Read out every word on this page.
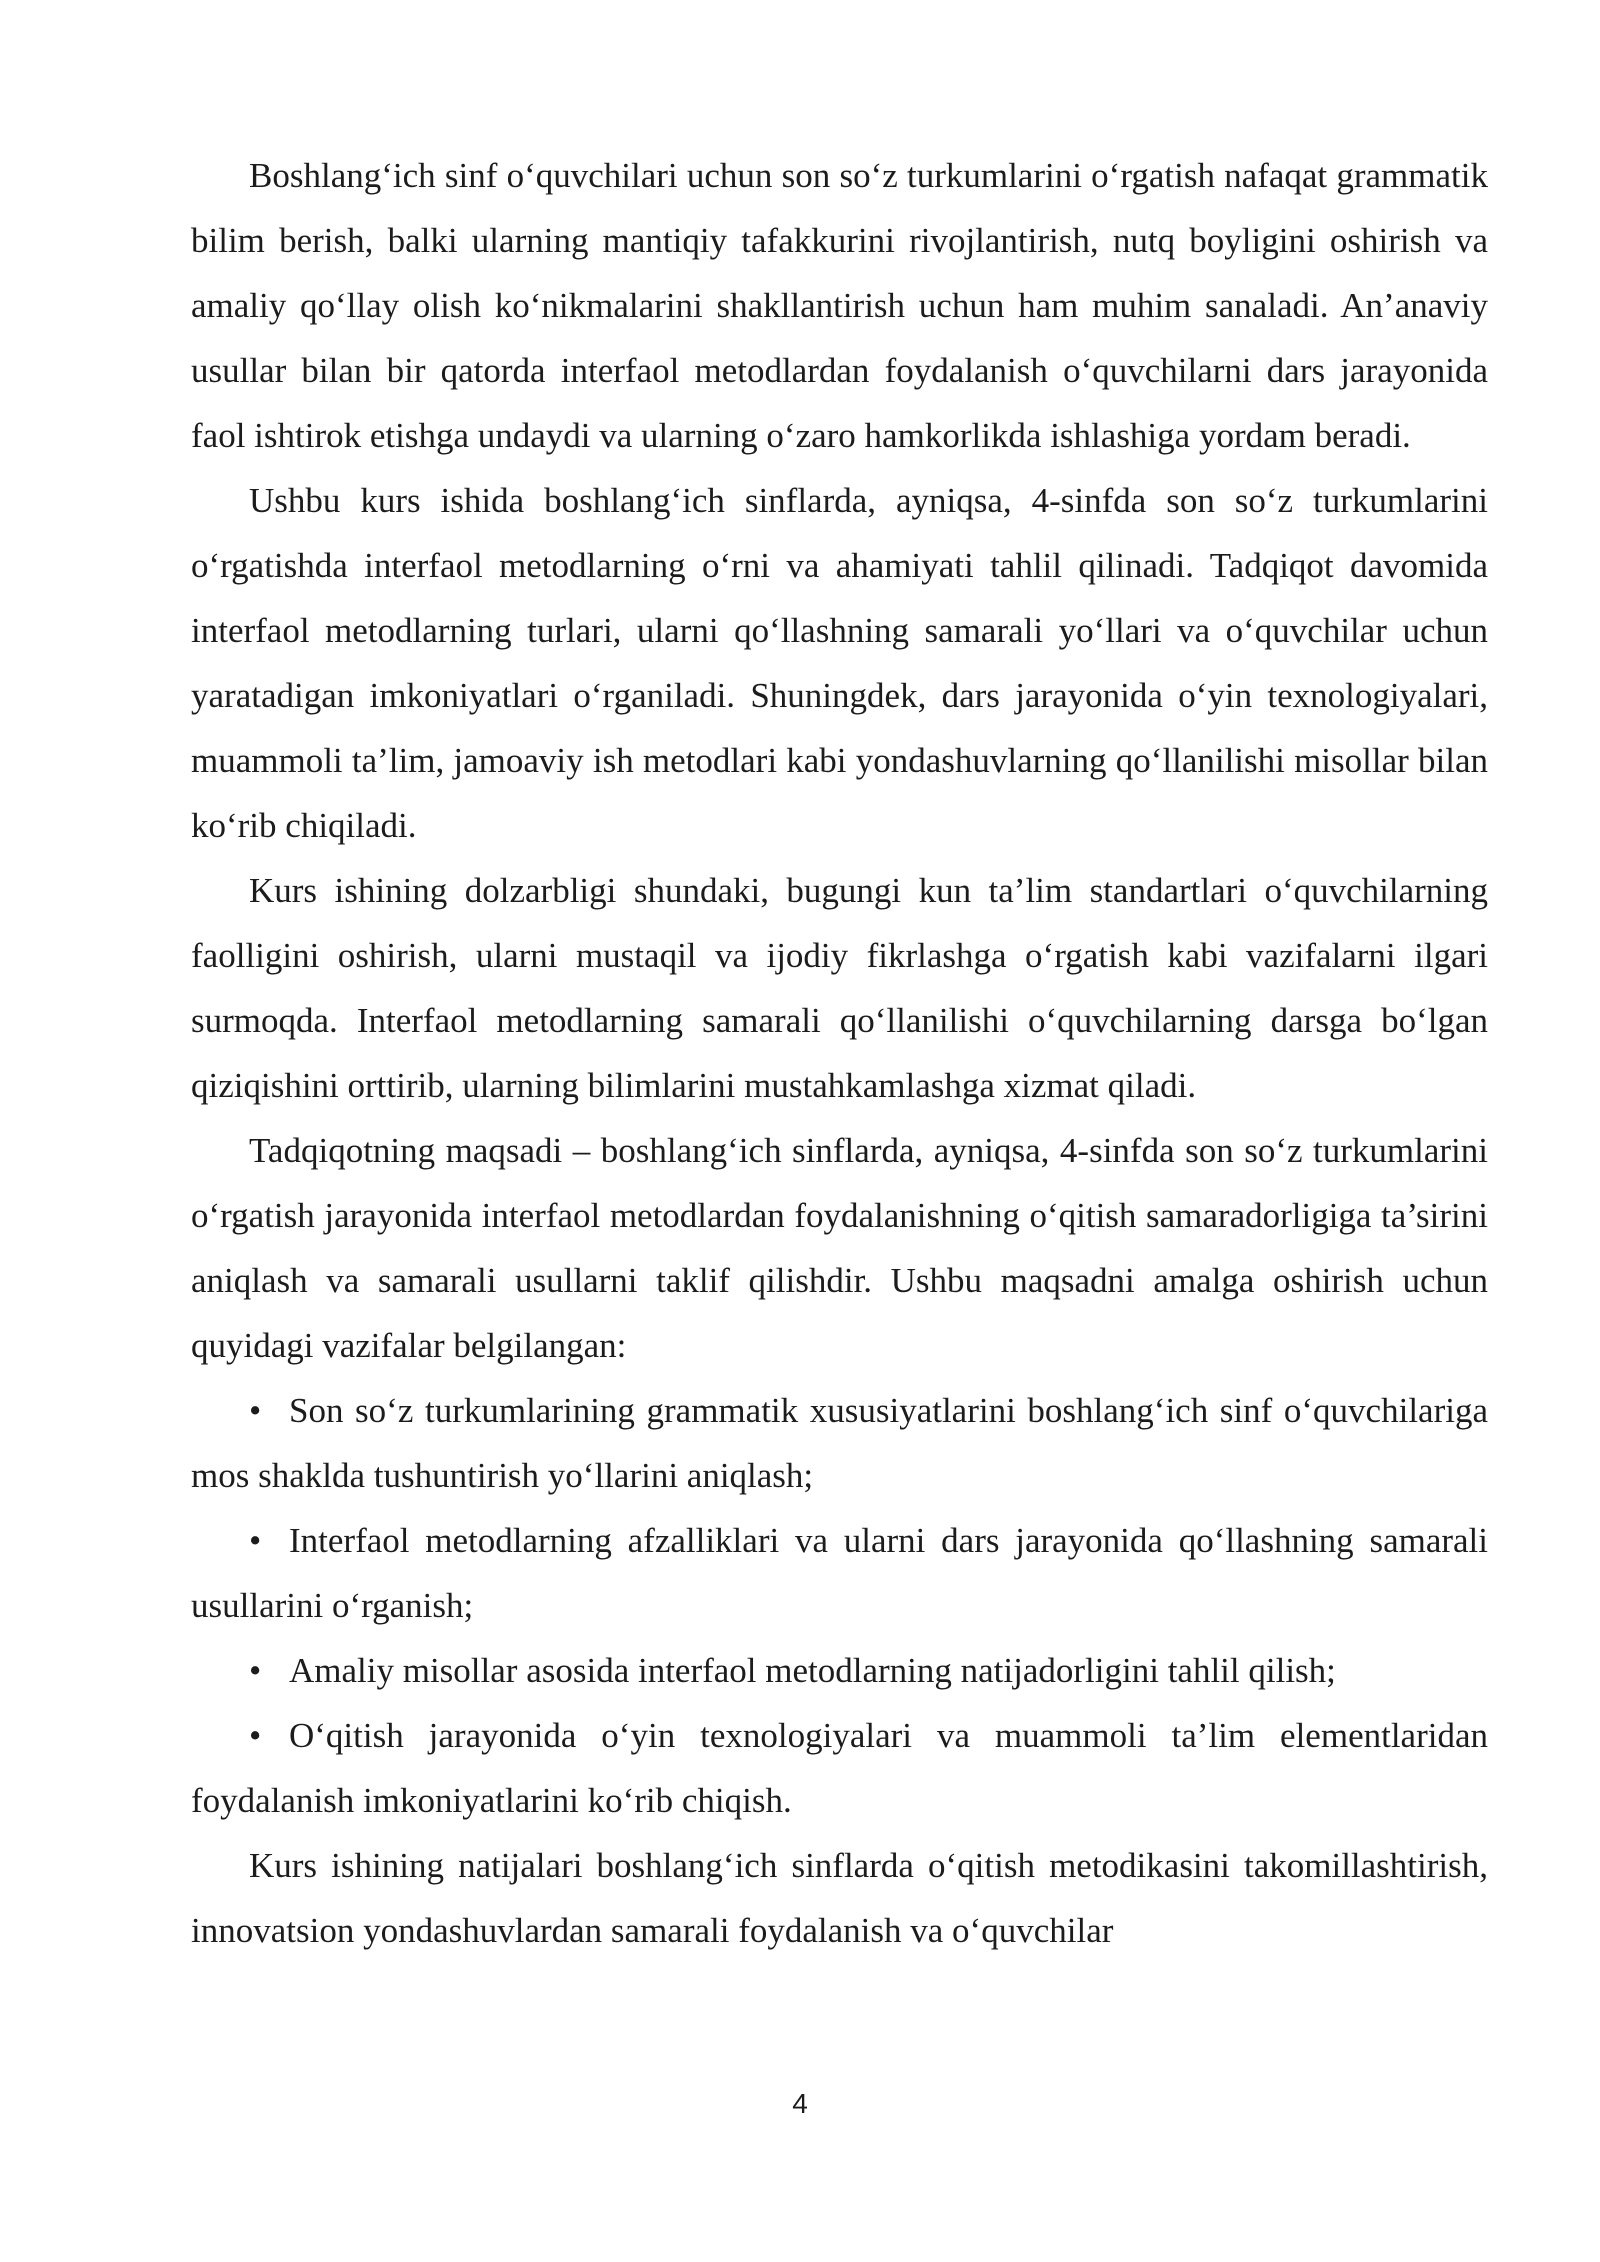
Boshlang‘ich sinf o‘quvchilari uchun son so‘z turkumlarini o‘rgatish nafaqat grammatik bilim berish, balki ularning mantiqiy tafakkurini rivojlantirish, nutq boyligini oshirish va amaliy qo‘llay olish ko‘nikmalarini shakllantirish uchun ham muhim sanaladi. An’anaviy usullar bilan bir qatorda interfaol metodlardan foydalanish o‘quvchilarni dars jarayonida faol ishtirok etishga undaydi va ularning o‘zaro hamkorlikda ishlashiga yordam beradi.

Ushbu kurs ishida boshlang‘ich sinflarda, ayniqsa, 4-sinfda son so‘z turkumlarini o‘rgatishda interfaol metodlarning o‘rni va ahamiyati tahlil qilinadi. Tadqiqot davomida interfaol metodlarning turlari, ularni qo‘llashning samarali yo‘llari va o‘quvchilar uchun yaratadigan imkoniyatlari o‘rganiladi. Shuningdek, dars jarayonida o‘yin texnologiyalari, muammoli ta’lim, jamoaviy ish metodlari kabi yondashuvlarning qo‘llanilishi misollar bilan ko‘rib chiqiladi.

Kurs ishining dolzarbligi shundaki, bugungi kun ta’lim standartlari o‘quvchilarning faolligini oshirish, ularni mustaqil va ijodiy fikrlashga o‘rgatish kabi vazifalarni ilgari surmoqda. Interfaol metodlarning samarali qo‘llanilishi o‘quvchilarning darsga bo‘lgan qiziqishini orttirib, ularning bilimlarini mustahkamlashga xizmat qiladi.

Tadqiqotning maqsadi – boshlang‘ich sinflarda, ayniqsa, 4-sinfda son so‘z turkumlarini o‘rgatish jarayonida interfaol metodlardan foydalanishning o‘qitish samaradorligiga ta’sirini aniqlash va samarali usullarni taklif qilishdir. Ushbu maqsadni amalga oshirish uchun quyidagi vazifalar belgilangan:

• Son so‘z turkumlarining grammatik xususiyatlarini boshlang‘ich sinf o‘quvchilariga mos shaklda tushuntirish yo‘llarini aniqlash;
• Interfaol metodlarning afzalliklari va ularni dars jarayonida qo‘llashning samarali usullarini o‘rganish;
• Amaliy misollar asosida interfaol metodlarning natijadorligini tahlil qilish;
• O‘qitish jarayonida o‘yin texnologiyalari va muammoli ta’lim elementlaridan foydalanish imkoniyatlarini ko‘rib chiqish.

Kurs ishining natijalari boshlang‘ich sinflarda o‘qitish metodikasini takomillashtirish, innovatsion yondashuvlardan samarali foydalanish va o‘quvchilar

4
